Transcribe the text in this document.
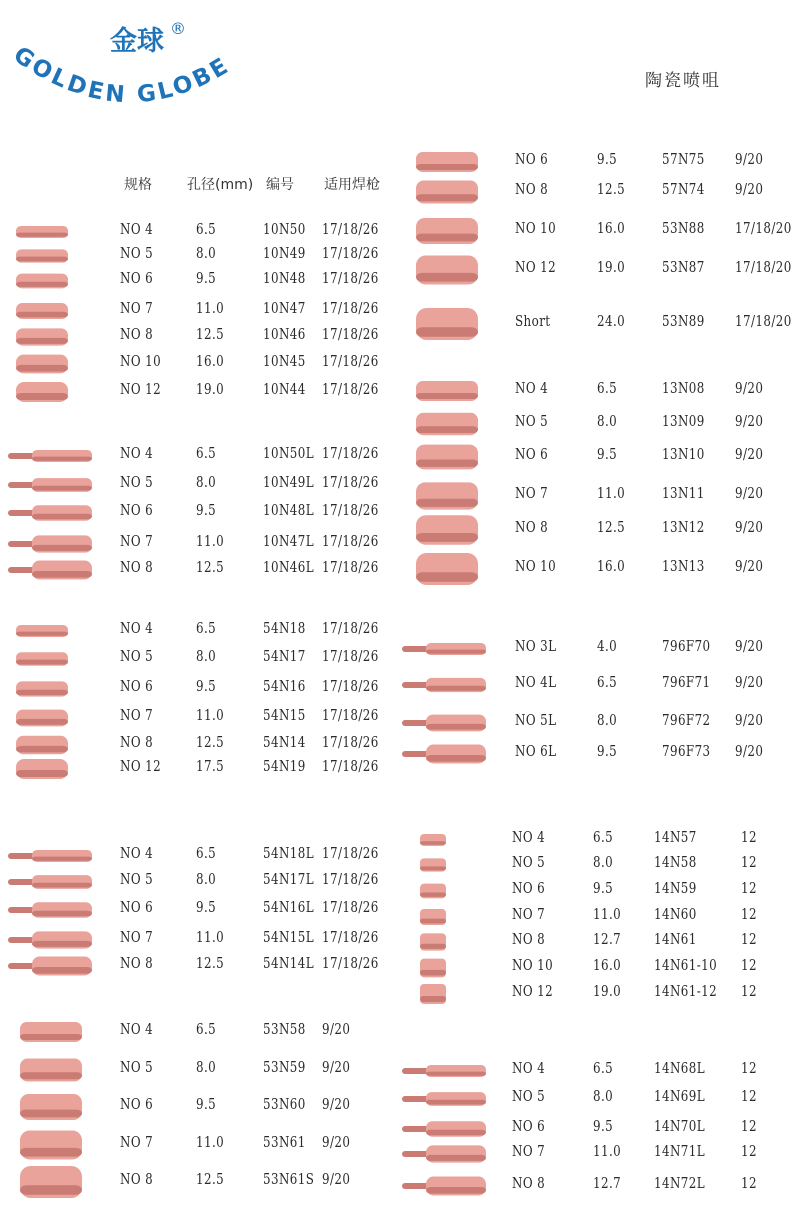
金球 ®
GOLDEN GLOBE	陶瓷喷咀
规格	孔径(mm) 编号 适用焊枪
NO 4	6.5	10N50 17/18/26
NO 5	8.0	10N49 17/18/26
NO 6	9.5	10N48 17/18/26
NO 7	11.0	10N47 17/18/26
NO 8	12.5	10N46 17/18/26
NO 10 16.0	10N45 17/18/26
NO 12 19.0	10N44 17/18/26
NO 4	6.5	10N50L 17/18/26
NO 5	8.0	10N49L 17/18/26
NO 6	9.5	10N48L 17/18/26
NO 7	11.0	10N47L 17/18/26
NO 8	12.5	10N46L 17/18/26
NO 4	6.5	54N18 17/18/26
NO 5	8.0	54N17 17/18/26
NO 6	9.5	54N16 17/18/26
NO 7	11.0	54N15 17/18/26
NO 8	12.5	54N14 17/18/26
NO 12 17.5	54N19 17/18/26
NO 4	6.5	54N18L 17/18/26
NO 5	8.0	54N17L 17/18/26
NO 6	9.5	54N16L 17/18/26
NO 7	11.0	54N15L 17/18/26
NO 8	12.5	54N14L 17/18/26
NO 4	6.5	53N58 9/20
NO 5	8.0	53N59 9/20
NO 6	9.5	53N60 9/20
NO 7	11.0	53N61 9/20
NO 8	12.5	53N61S 9/20
NO 6	9.5	57N75 9/20
NO 8	12.5	57N74 9/20
NO 10	16.0	53N88 17/18/20
NO 12	19.0	53N87 17/18/20
Short	24.0	53N89 17/18/20
NO 4	6.5	13N08 9/20
NO 5	8.0	13N09 9/20
NO 6	9.5	13N10 9/20
NO 7	11.0	13N11 9/20
NO 8	12.5	13N12 9/20
NO 10	16.0	13N13 9/20
NO 3L	4.0	796F70 9/20
NO 4L	6.5	796F71 9/20
NO 5L	8.0	796F72 9/20
NO 6L	9.5	796F73 9/20
NO 4	6.5	14N57	12
NO 5	8.0	14N58	12
NO 6	9.5	14N59	12
NO 7	11.0 14N60	12
NO 8	12.7 14N61	12
NO 10	16.0 14N61-10 12
NO 12	19.0 14N61-12 12
NO 4	6.5	14N68L 12
NO 5	8.0	14N69L 12
NO 6	9.5	14N70L 12
NO 7	11.0 14N71L 12
NO 8	12.7 14N72L 12
